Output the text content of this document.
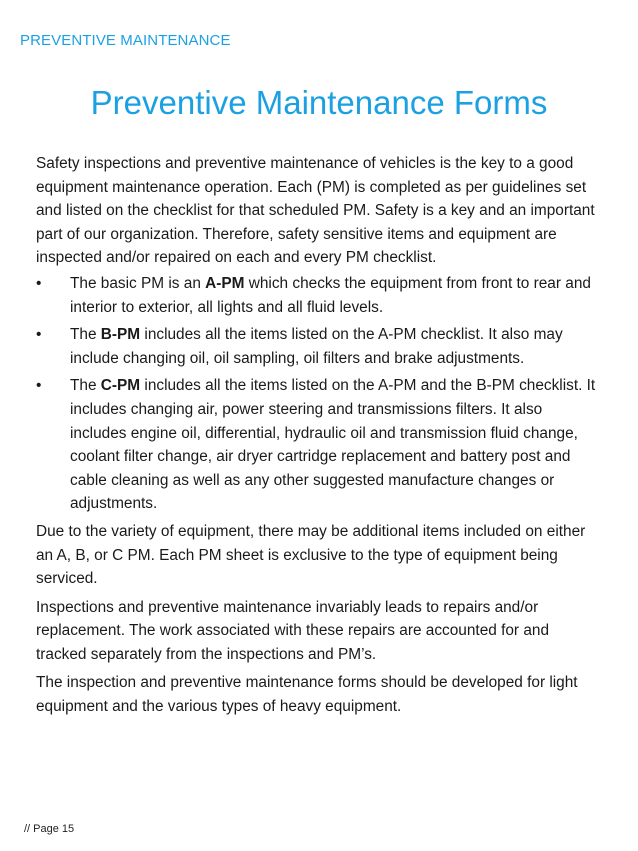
PREVENTIVE MAINTENANCE
Preventive Maintenance Forms

Safety inspections and preventive maintenance of vehicles is the key to a good equipment maintenance operation. Each (PM) is completed as per guidelines set and listed on the checklist for that scheduled PM. Safety is a key and an important part of our organization. Therefore, safety sensitive items and equipment are inspected and/or repaired on each and every PM checklist.

• The basic PM is an A-PM which checks the equipment from front to rear and interior to exterior, all lights and all fluid levels.
• The B-PM includes all the items listed on the A-PM checklist. It also may include changing oil, oil sampling, oil filters and brake adjustments.
• The C-PM includes all the items listed on the A-PM and the B-PM checklist. It includes changing air, power steering and transmissions filters. It also includes engine oil, differential, hydraulic oil and transmission fluid change, coolant filter change, air dryer cartridge replacement and battery post and cable cleaning as well as any other suggested manufacture changes or adjustments.

Due to the variety of equipment, there may be additional items included on either an A, B, or C PM. Each PM sheet is exclusive to the type of equipment being serviced.

Inspections and preventive maintenance invariably leads to repairs and/or replacement. The work associated with these repairs are accounted for and tracked separately from the inspections and PM’s.

The inspection and preventive maintenance forms should be developed for light equipment and the various types of heavy equipment.

// Page 15
